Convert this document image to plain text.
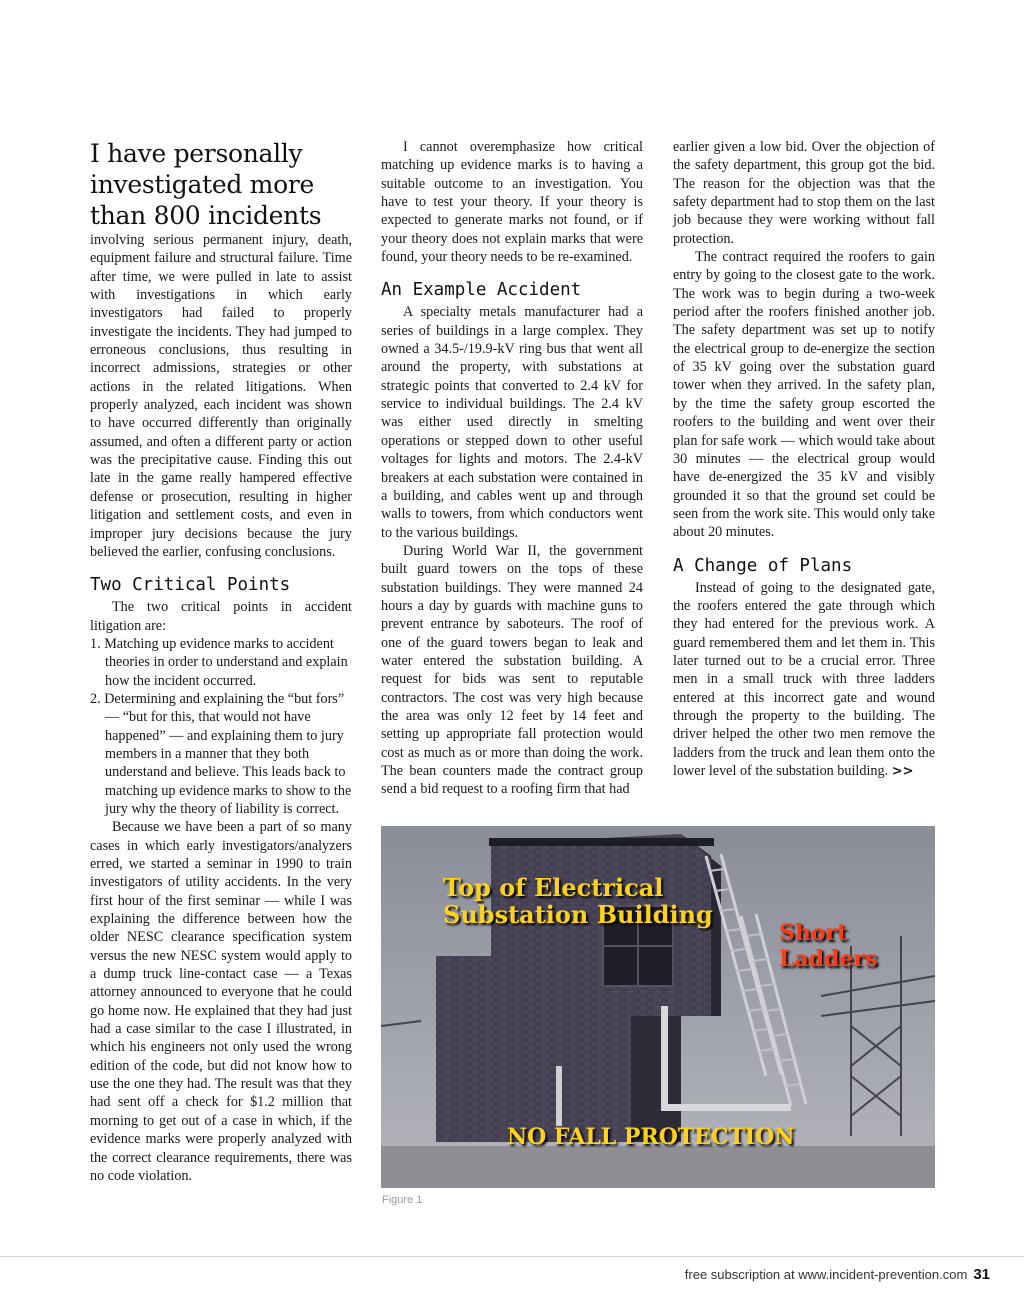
I have personally investigated more than 800 incidents

involving serious permanent injury, death, equipment failure and structural failure. Time after time, we were pulled in late to assist with investigations in which early investigators had failed to properly investigate the incidents. They had jumped to erroneous conclusions, thus resulting in incorrect admissions, strategies or other actions in the related litigations. When properly analyzed, each incident was shown to have occurred differently than originally assumed, and often a different party or action was the precipitative cause. Finding this out late in the game really hampered effective defense or prosecution, resulting in higher litigation and settlement costs, and even in improper jury decisions because the jury believed the earlier, confusing conclusions.

Two Critical Points

The two critical points in accident litigation are:

1. Matching up evidence marks to accident theories in order to understand and explain how the incident occurred.
2. Determining and explaining the “but fors” — “but for this, that would not have happened” — and explaining them to jury members in a manner that they both understand and believe. This leads back to matching up evidence marks to show to the jury why the theory of liability is correct.

Because we have been a part of so many cases in which early investigators/analyzers erred, we started a seminar in 1990 to train investigators of utility accidents. In the very first hour of the first seminar — while I was explaining the difference between how the older NESC clearance specification system versus the new NESC system would apply to a dump truck line-contact case — a Texas attorney announced to everyone that he could go home now. He explained that they had just had a case similar to the case I illustrated, in which his engineers not only used the wrong edition of the code, but did not know how to use the one they had. The result was that they had sent off a check for $1.2 million that morning to get out of a case in which, if the evidence marks were properly analyzed with the correct clearance requirements, there was no code violation.

I cannot overemphasize how critical matching up evidence marks is to having a suitable outcome to an investigation. You have to test your theory. If your theory is expected to generate marks not found, or if your theory does not explain marks that were found, your theory needs to be re-examined.

An Example Accident

A specialty metals manufacturer had a series of buildings in a large complex. They owned a 34.5-/19.9-kV ring bus that went all around the property, with substations at strategic points that converted to 2.4 kV for service to individual buildings. The 2.4 kV was either used directly in smelting operations or stepped down to other useful voltages for lights and motors. The 2.4-kV breakers at each substation were contained in a building, and cables went up and through walls to towers, from which conductors went to the various buildings.

During World War II, the government built guard towers on the tops of these substation buildings. They were manned 24 hours a day by guards with machine guns to prevent entrance by saboteurs. The roof of one of the guard towers began to leak and water entered the substation building. A request for bids was sent to reputable contractors. The cost was very high because the area was only 12 feet by 14 feet and setting up appropriate fall protection would cost as much as or more than doing the work. The bean counters made the contract group send a bid request to a roofing firm that had

earlier given a low bid. Over the objection of the safety department, this group got the bid. The reason for the objection was that the safety department had to stop them on the last job because they were working without fall protection.

The contract required the roofers to gain entry by going to the closest gate to the work. The work was to begin during a two-week period after the roofers finished another job. The safety department was set up to notify the electrical group to de-energize the section of 35 kV going over the substation guard tower when they arrived. In the safety plan, by the time the safety group escorted the roofers to the building and went over their plan for safe work — which would take about 30 minutes — the electrical group would have de-energized the 35 kV and visibly grounded it so that the ground set could be seen from the work site. This would only take about 20 minutes.

A Change of Plans

Instead of going to the designated gate, the roofers entered the gate through which they had entered for the previous work. A guard remembered them and let them in. This later turned out to be a crucial error. Three men in a small truck with three ladders entered at this incorrect gate and wound through the property to the building. The driver helped the other two men remove the ladders from the truck and lean them onto the lower level of the substation building. >>

Top of Electrical
Substation Building
Short
Ladders
NO FALL PROTECTION
Figure 1
free subscription at www.incident-prevention.com 31
